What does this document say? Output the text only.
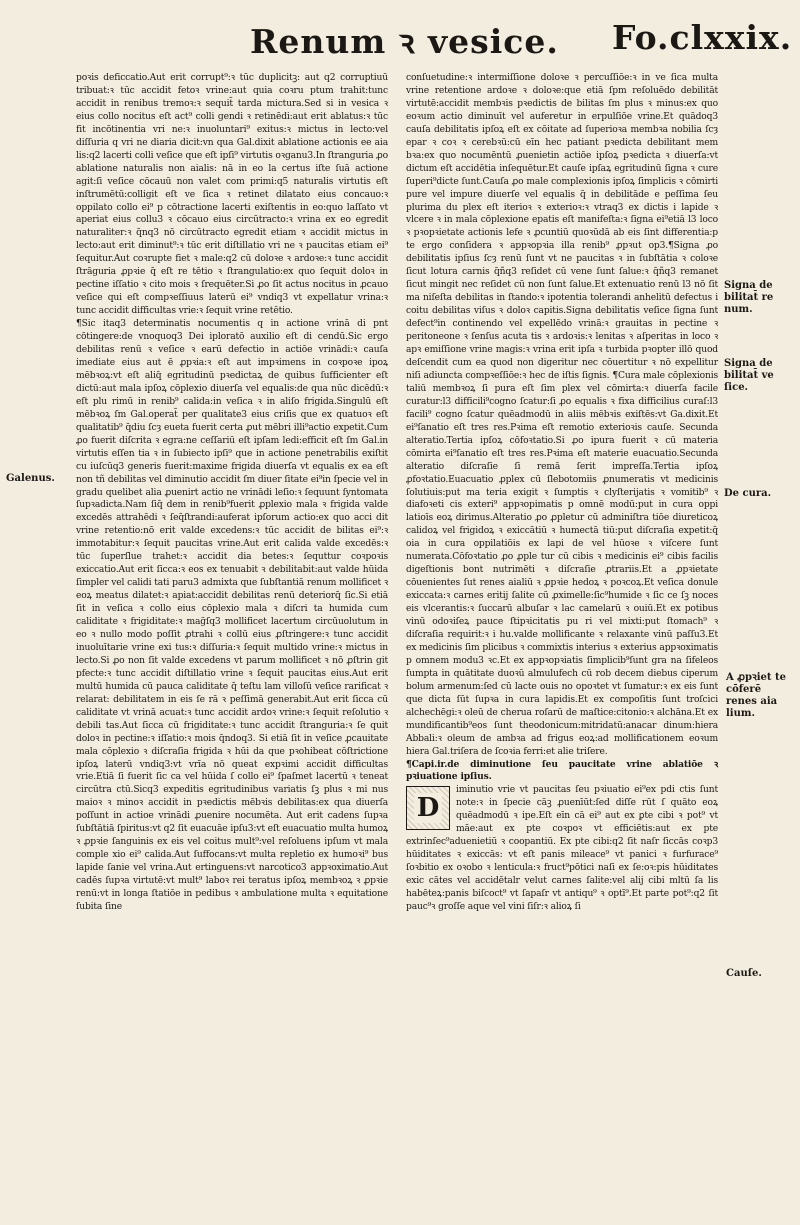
Renum ꝛ vesice. Fo.clxxix.

poꝛis deficcatio.Aut erit corrupt⁹:ꝛ tūc duplicitꝫ: aut q2 corruptiuū tribuat:ꝛ tūc accidit fetoꝛ vrine:aut quia coꝛru ptum trahit:tunc accidit in renibus tremoꝛ:ꝛ sequit̄ tarda mictura.Sed si in vesica ꝛ eius collo nocitus eſt act⁹ colli gendi ꝛ retinēdi:aut erit ablatus:ꝛ tūc fit incōtinentia vri ne:ꝛ inuoluntari⁹ exitus:ꝛ mictus in lecto:vel diſſuria q vri ne diaria dicit:vn qua Gal.dixit ablatione actionis ee aia lis:q2 lacerti colli veſice que eſt ipſi⁹ virtutis oꝛganu3.In ſtranguria ꝓo ablatione naturalis non aialis: nā in eo la certus iſte ſuā actione agit:ſi veſice cōcauū non valet com primi:q5 naturalis virtutis eſt inſtrumētū:colligit eſt ve ſica ꝛ retinet dilatato eius concauo:ꝛ oppilato collo ei⁹ p cōtractione lacerti exiſtentis in eo:quo laſſato vt aperiat eius collu3 ꝛ cōcauo eius circūtracto:ꝛ vrina ex eo egredit naturaliter:ꝛ q̄nq3 nō circūtracto egredit etiam ꝛ accidit mictus in lecto:aut erit diminut⁹:ꝛ tūc erit diſtillatio vri ne ꝛ paucitas etiam ei⁹ ſequitur.Aut coꝛrupte fiet ꝛ male:q2 cū doloꝛe ꝛ ardoꝛe:ꝛ tunc accidit ſtrāguria ꝓpꝛie q̄ eſt re tētio ꝛ ſtrangulatio:ex quo ſequit doloꝛ in pectine iſſatio ꝛ cito mois ꝛ ſrequēter.Si ꝓo ſit actus nocitus in ꝓcauo veſice qui eſt compꝛeſſiuus laterū ei⁹ vndiq3 vt expellatur vrina:ꝛ tunc accidit difficultas vrie:ꝛ ſequit vrine retētio.

¶Sic itaq3 determinatis nocumentis q in actione vrinā di pnt cōtingere:de vnoquoq3 Dei iploratō auxilio eſt di cendū.Sic ergo debilitas renū ꝛ veſice ꝛ earū defectio in actiōe vrinādi:ꝛ cauſa imediate eius aut ē ꝓpꝛia:ꝛ eſt aut impꝛimens in coꝛpoꝛe ipoꝝ mēbꝛoꝝ:vt eſt aliq̄ egritudinū pꝛedictaꝝ de quibus ſufficienter eſt dictū:aut mala ipſoꝝ cōplexio diuerſa vel equalis:de qua nūc dicēdū:ꝛ eſt plu rimū in renib⁹ calida:in veſica ꝛ in aliſo frigida.Singulū eſt mēbꝛoꝝ ſm Gal.operat̄ per qualitate3 eius criſis que ex quatuoꝛ eſt qualitatib⁹ q̄diu ſcȝ eueta fuerit certa ꝓut mēbri illi⁹actio expetit.Cum ꝓo fuerit diſcrita ꝛ egra:ne ceſſariū eſt ipſam ledi:efficit eſt ſm Gal.in virtutis eſſen tia ꝛ in ſubiecto ipſi⁹ que in actione penetrabilis exiſtit cu iuſcūq3 generis fuerit:maxime frigida diuerſa vt equalis ex ea eſt non tñ debilitas vel diminutio accidit ſm diuer ſitate ei⁹in ſpecie vel in gradu quelibet alia ꝓuenirt actio ne vrinādi leſio:ꝛ ſequunt ſyntomata ſupꝛadicta.Nam ſiq̄ dem in renib⁹fuerit ꝓplexio mala ꝛ frigida valde excedēs attrahēdi ꝛ ſeq̄ſtrandi:auferat ipſorum actio:ex quo acci dit vrine retentio:nō erit valde excedens:ꝛ tūc accidit de bilitas ei⁹:ꝛ immotabitur:ꝛ ſequit paucitas vrine.Aut erit calida valde excedēs:ꝛ tūc ſuperſlue trahet:ꝛ accidit dia betes:ꝛ ſequttur coꝛpoꝛis exiccatio.Aut erit ſicca:ꝛ eos ex tenuabit ꝛ debilitabit:aut valde hūida ſimpler vel calidi tati paru3 admixta que ſubſtantiā renum mollificet ꝛ eoꝝ meatus dilatet:ꝛ apiat:accidit debilitas renū deteriorq̄ ſic.Si etiā ſit in veſica ꝛ collo eius cōplexio mala ꝛ diſcri ta humida cum caliditate ꝛ frigiditate:ꝛ mag̈ſq3 mollificet lacertum circūuolutum in eo ꝛ nullo modo poſſit ꝓtrahi ꝛ collū eius ꝓſtringere:ꝛ tunc accidit inuoluītarie vrine exi tus:ꝛ diſſuria:ꝛ ſequit multido vrine:ꝛ mictus in lecto.Si ꝓo non ſit valde excedens vt parum mollificet ꝛ nō ꝓſtrin git pfecte:ꝛ tunc accidit diſtillatio vrine ꝛ ſequit paucitas eius.Aut erit multū humida cū pauca caliditate q̄ teſtu lam villoſū veſice rarificat ꝛ relarat: debilitatem in eis ſe rā ꝛ peſſimā generabit.Aut erit ſicca cū caliditate vt vrinā acuat:ꝛ tunc accidit ardoꝛ vrine:ꝛ ſequit reſolutio ꝛ debili tas.Aut ſicca cū frigiditate:ꝛ tunc accidit ſtranguria:ꝛ ſe quit doloꝛ in pectine:ꝛ iſſatio:ꝛ mois q̄ndoq3. Si etiā ſit in veſice ꝓcauitate mala cōplexio ꝛ diſcraſia frigida ꝛ hūi da que pꝛohibeat cōſtrictione ipſoꝝ laterū vndiq3:vt vrīa nō queat expꝛimi accidit difficultas vrie.Etiā ſi fuerit ſic ca vel hūida ſ collo ei⁹ ſpaſmet lacertū ꝛ teneat circūtra ctū.Sicq3 expeditis egritudinibus variatis ſꝫ plus ꝛ mi nus maioꝛ ꝛ minoꝛ accidit in pꝛedictis mēbꝛis debilitas:ex qua diuerſa poſſunt in actioe vrinādi ꝓuenire nocumēta. Aut erit cadens ſupꝛa ſubſtātiā ſpiritus:vt q2 ſit euacuāe ipſu3:vt eſt euacuatio multa humoꝝ ꝛ ꝓpꝛie ſanguinis ex eis vel coitus mult⁹:vel reſoluens ipſum vt mala comple xio ei⁹ calida.Aut ſuffocans:vt multa repletio ex humoꝛi⁹ bus lapide ſanie vel vrina.Aut ertinguens:vt narcotico3 appꝛoximatio.Aut cadēs ſupꝛa virtutē:vt mult⁹ laboꝛ rei teratus ipſoꝝ membꝛoꝝ ꝛ ꝓpꝛie renū:vt in longa ſtatiōe in pedibus ꝛ ambulatione multa ꝛ equitatione ſubita ſine

conſuetudine:ꝛ intermiſſione doloꝛe ꝛ percuſſiōe:ꝛ in ve ſica multa vrine retentione ardoꝛe ꝛ doloꝛe:que etiā ſpm reſoluēdo debilitāt virtutē:accidit membꝛis pꝛedictis de bilitas ſm plus ꝛ minus:ex quo eoꝛum actio diminuīt vel auferetur in erpulſiōe vrine.Et quādoq3 cauſa debilitatis ipſoꝝ eſt ex cōitate ad ſuperioꝛa membꝛa nobilia ſcȝ epar ꝛ coꝛ ꝛ cerebꝛū:cū eīn hec patiant pꝛedicta debilitant mem bꝛa:ex quo nocumēntū ꝓuenietin actiōe ipſoꝝ pꝛedicta ꝛ diuerſa:vt dictum eſt accidētia inſequētur.Et cauſe ipſaꝝ egritudinū ſigna ꝛ cure ſuperi⁹dicte ſunt.Cauſa ꝓo male complexionis ipſoꝝ ſimplicis ꝛ cōmirti pure vel impure diuerſe vel equalis q̄ in debilitāde e peſſima ſeu plurima du plex eſt iterioꝛ ꝛ exterioꝛ:ꝛ vtraq3 ex dictis i lapide ꝛ vlcere ꝛ in mala cōplexione epatis eſt manifeſta:ꝛ ſigna ei⁹etiā l3 loco ꝛ pꝛopꝛietate actionis lefe ꝛ ꝓcuntiū quoꝛūdā ab eis ſint differentia:p te ergo conſidera ꝛ appꝛopꝛia illa renib⁹ ꝓpꝛut op3.¶Signa ꝓo debilitatis ipſius ſcȝ renū ſunt vt ne paucitas ꝛ in ſubſtātia ꝛ coloꝛe ſicut lotura carnis q̄ñq3 reſidet cū vene ſunt ſalue:ꝛ q̄ñq3 remanet ſicut mingit nec reſidet cū non ſunt ſalue.Et extenuatio renū l3 nō ſit ma niſeſta debilitas in ſtando:ꝛ ipotentia tolerandi anhelitū defectus i coitu debilitas viſus ꝛ doloꝛ capitis.Signa debilitatis veſice ſigna ſunt defect⁹in continendo vel expellēdo vrinā:ꝛ grauitas in pectine ꝛ peritoneone ꝛ ſenſus acuta tis ꝛ ardoꝛis:ꝛ lenitas ꝛ aſperitas in loco ꝛ apꝛ emiſſione vrine magis:ꝛ vrina erit ipſa ꝛ turbida pꝛopter illō quod deſcendit cum ea quod non digeritur nec cōuertitur ꝛ nō expellitur niſi adiuncta compꝛeſſiōe:ꝛ hec de iſtis ſignis. ¶Cura male cōplexionis taliū membꝛoꝝ ſi pura eſt ſim plex vel cōmirta:ꝛ diuerſa facile curatur:l3 difficili⁹cogno ſcatur:ſi ꝓo equalis ꝛ fixa difficilius curaſ:l3 facili⁹ cogno ſcatur quēadmodū in aliis mēbꝛis exiſtēs:vt Ga.dixit.Et ei⁹ſanatio eſt tres res.Pꝛima eſt remotio exterioꝛis cauſe. Secunda alteratio.Tertia ipſoꝝ cōfoꝛtatio.Si ꝓo ipura fuerit ꝛ cū materia cōmirta ei⁹ſanatio eſt tres res.Pꝛima eſt materie euacuatio.Secunda alteratio diſcraſie ſi remā ſerit impreſſa.Tertia ipſoꝝ ꝓfoꝛtatio.Euacuatio ꝓplex cū ſlebotomiis ꝓnumeratis vt medicinis ſolutiuis:put ma teria exigit ꝛ ſumptis ꝛ clyſterijatis ꝛ vomitib⁹ ꝛ diafoꝛeti cis exteri⁹ appꝛopimatis p omnē modū:put in cura oppi latioīs eoꝝ dirimus.Alteratio ꝓo ꝓpletur cū adminiſtra tiōe diureticoꝝ calidoꝝ vel frigidoꝝ ꝛ exiccātiū ꝛ humectā tiū:put diſcraſia expetit:q̄ oia in cura oppilatiōis ex lapi de vel hūoꝛe ꝛ viſcere ſunt numerata.Cōfoꝛtatio ꝓo ꝓple tur cū cibis ꝛ medicinis ei⁹ cibis facilis digeſtionis bont nutrimēti ꝛ diſcraſie ꝓtrariis.Et a ꝓpꝛietate cōuenientes ſut renes aialiū ꝛ ꝓpꝛie hedoꝝ ꝛ poꝛcoꝝ.Et veſica donule exiccata:ꝛ carnes eritij ſalite cū ꝓximelle:ſic⁹humide ꝛ ſic ce ſꝫ noces eis vlcerantis:ꝛ ſuccarū albuſar ꝛ lac camelarū ꝛ ouiū.Et ex potibus vinū odoꝛiſeꝝ pauce ſtipꝛicitatis pu ri vel mixti:put ſtomach⁹ ꝛ diſcraſia requirit:ꝛ i hu.valde mollificante ꝛ relaxante vinū paſſu3.Et ex medicinis ſim plicibus ꝛ commixtis interius ꝛ exterius appꝛoximatis p omnem modu3 ꝛc.Et ex appꝛopꝛiatis ſimplicib⁹ſunt gra na ſifeleos ſumpta in quātitate duoꝛū almulufech cū rob decem diebus ciperum bolum armenum:ſed cū lacte ouis no opoꝛtet vt ſumatur:ꝛ ex eis ſunt que dicta ſūt ſupꝛa in cura lapidis.Et ex compoſitis ſunt troſcici alchechēgi:ꝛ oleū de cherua roſarū de maſtice:citonio:ꝛ alchāna.Et ex mundificantib⁹eos ſunt theodonicum:mitridatū:anacar dinum:hiera Abbali:ꝛ oleum de ambꝛa ad frigus eoꝝ:ad mollificationem eoꝛum hiera Gal.triſera de ſcoꝛia ferri:et alie triſere.

¶Capi.ir.de diminutione ſeu paucitate vrine ablatiōe ꝛ pꝛiuatione ipſius.

D
iminutio vrie vt paucitas ſeu pꝛiuatio ei⁹ex pdi ctis ſunt note:ꝛ in ſpecie cāꝫ ꝓuenīūt:ſed diſſe rūt ſ quāto eoꝝ quēadmodū ꝛ ipe.Eſt eīn cā ei⁹ aut ex ꝑte cibi ꝛ pot⁹ vt māe:aut ex pte coꝛpoꝛ vt efficiētis:aut ex pte extrinſec⁹aduenietiū ꝛ coopantiū. Ex pte cibi:q2 ſit naſr ſiccās coꝛp3 hūiditates ꝛ exiccās: vt eſt panis mileace⁹ vt panici ꝛ furfurace⁹ ſoꝛbitio ex oꝛobo ꝛ lenticula:ꝛ fruct⁹pōtici naſi ex ſe:oꝛ:pis hūiditates exic cātes vel accidētalr velut carnes ſalite:vel alij cibi mltū ſa lis habēteꝝ:panis biſcoct⁹ vt ſapaſr vt antiqu⁹ ꝛ optī⁹.Et parte pot⁹:q2 ſit pauc⁹ꝛ groſſe aque vel vini ſiſr:ꝛ alioꝝ ſi

Galenus.
Signa de bilitat̄ re num.
Signa de bilitat̄ ve ſice.
De cura.
A ꝓpꝛiet te cōferē renes aia lium.
Cauſe.
